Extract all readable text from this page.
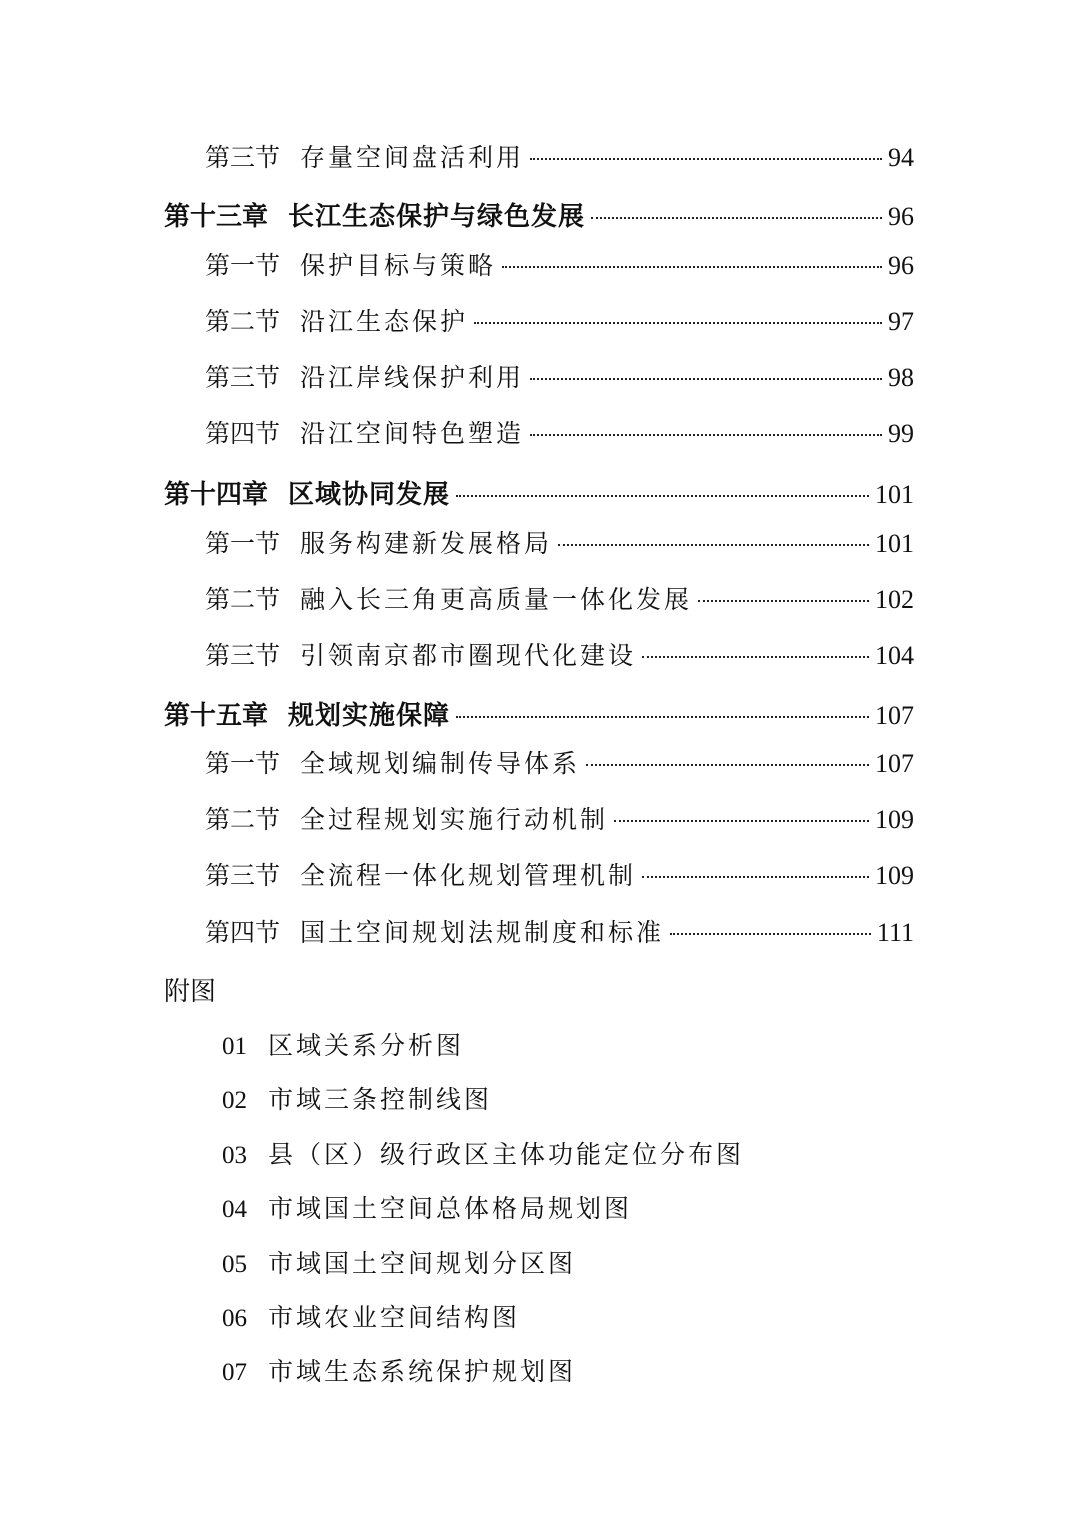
第三节 存量空间盘活利用	94
第十三章 长江生态保护与绿色发展	96
第一节 保护目标与策略	96
第二节 沿江生态保护	97
第三节 沿江岸线保护利用	98
第四节 沿江空间特色塑造	99
第十四章 区域协同发展	101
第一节 服务构建新发展格局	101
第二节 融入长三角更高质量一体化发展	102
第三节 引领南京都市圈现代化建设	104
第十五章 规划实施保障	107
第一节 全域规划编制传导体系	107
第二节 全过程规划实施行动机制	109
第三节 全流程一体化规划管理机制	109
第四节 国土空间规划法规制度和标准	111
附图
01 区域关系分析图
02 市域三条控制线图
03 县（区）级行政区主体功能定位分布图
04 市域国土空间总体格局规划图
05 市域国土空间规划分区图
06 市域农业空间结构图
07 市域生态系统保护规划图
